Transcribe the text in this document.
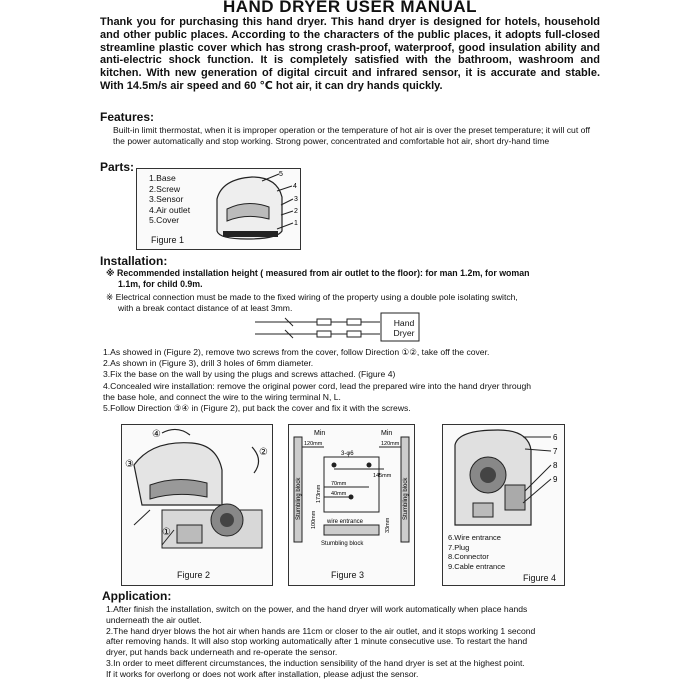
HAND DRYER USER MANUAL
Thank you for purchasing this hand dryer. This hand dryer is designed for hotels, household and other public places. According to the characters of the public places, it adopts full-closed streamline plastic cover which has strong crash-proof, waterproof, good insulation ability and anti-electric shock function. It is completely satisfied with the bathroom, washroom and kitchen. With new generation of digital circuit and infrared sensor, it is accurate and stable. With 14.5m/s air speed and 60 ℃ hot air, it can dry hands quickly.
Features:
Built-in limit thermostat, when it is improper operation or the temperature of hot air is over the preset temperature; it will cut off the power automatically and stop working. Strong power, concentrated and comfortable hot air, short dry-hand time
Parts:
1.Base
2.Screw
3.Sensor
4.Air outlet
5.Cover
5
4
3
2
1
Figure 1
Installation:
※ Recommended installation height ( measured from air outlet to the floor): for man 1.2m, for woman
1.1m, for child 0.9m.
※ Electrical connection must be made to the fixed wiring of the property using a double pole isolating switch,
with a break contact distance of at least 3mm.
Hand
Dryer
1.As showed in (Figure 2), remove two screws from the cover, follow Direction ①②, take off the cover.
2.As shown in (Figure 3), drill 3 holes of 6mm diameter.
3.Fix the base on the wall by using the plugs and screws attached. (Figure 4)
4.Concealed wire installation: remove the original power cord, lead the prepared wire into the hand dryer through
the base hole, and connect the wire to the wiring terminal N, L.
5.Follow Direction ③④ in (Figure 2), put back the cover and fix it with the screws.
④
③
②
①
Figure 2
Min	Min
120mm	120mm
3-φ6
145mm
70mm
40mm
173mm
100mm	33mm
Stumbling block	Stumbling block
wire entrance
Stumbling block
Figure 3
6
7
8
9
6.Wire entrance
7.Plug
8.Connector
9.Cable entrance
Figure 4
Application:
1.After finish the installation, switch on the power, and the hand dryer will work automatically when place hands
underneath the air outlet.
2.The hand dryer blows the hot air when hands are 11cm or closer to the air outlet, and it stops working 1 second
after removing hands. It will also stop working automatically after 1 minute consecutive use. To restart the hand
dryer, put hands back underneath and re-operate the sensor.
3.In order to meet different circumstances, the induction sensibility of the hand dryer is set at the highest point.
If it works for overlong or does not work after installation, please adjust the sensor.
